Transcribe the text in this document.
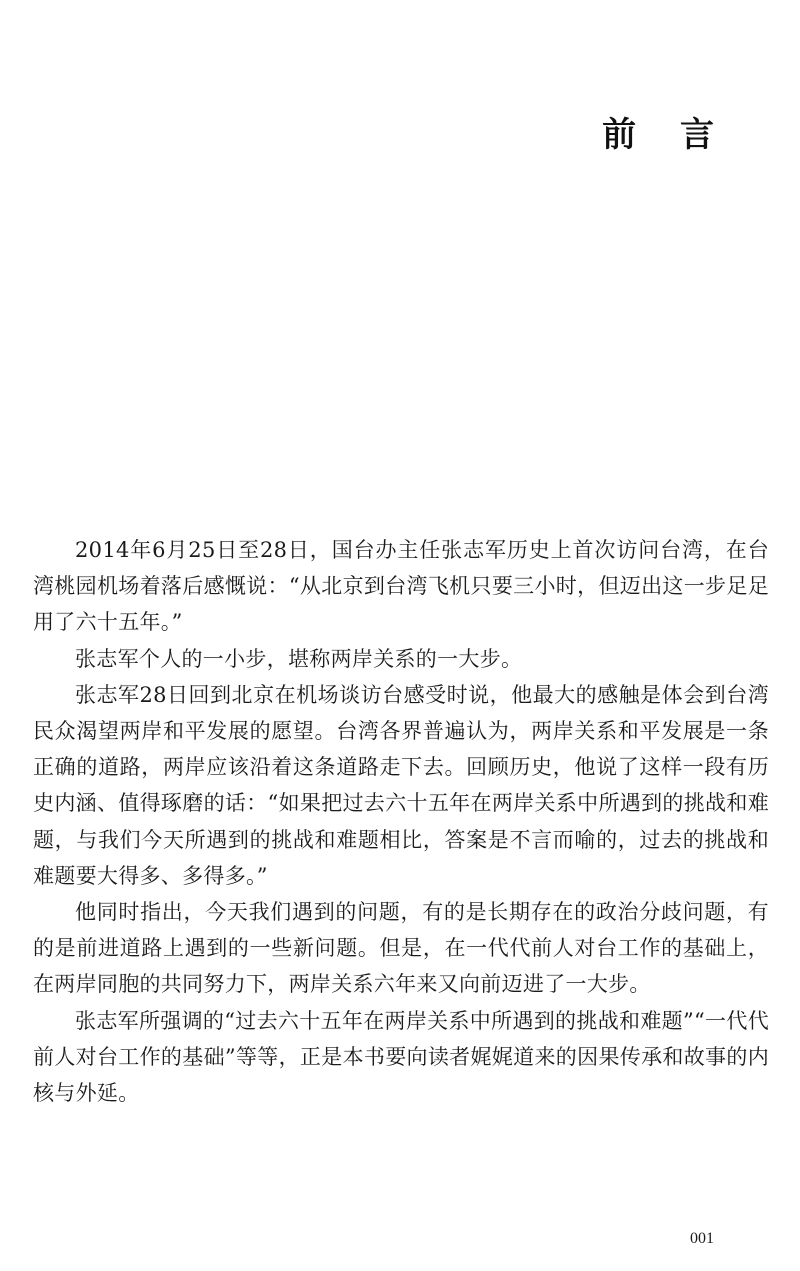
前 言

2014年6月25日至28日，国台办主任张志军历史上首次访问台湾，在台湾桃园机场着落后感慨说：“从北京到台湾飞机只要三小时，但迈出这一步足足用了六十五年。”

张志军个人的一小步，堪称两岸关系的一大步。

张志军28日回到北京在机场谈访台感受时说，他最大的感触是体会到台湾民众渴望两岸和平发展的愿望。台湾各界普遍认为，两岸关系和平发展是一条正确的道路，两岸应该沿着这条道路走下去。回顾历史，他说了这样一段有历史内涵、值得琢磨的话：“如果把过去六十五年在两岸关系中所遇到的挑战和难题，与我们今天所遇到的挑战和难题相比，答案是不言而喻的，过去的挑战和难题要大得多、多得多。”

他同时指出，今天我们遇到的问题，有的是长期存在的政治分歧问题，有的是前进道路上遇到的一些新问题。但是，在一代代前人对台工作的基础上，在两岸同胞的共同努力下，两岸关系六年来又向前迈进了一大步。

张志军所强调的“过去六十五年在两岸关系中所遇到的挑战和难题”“一代代前人对台工作的基础”等等，正是本书要向读者娓娓道来的因果传承和故事的内核与外延。

001
